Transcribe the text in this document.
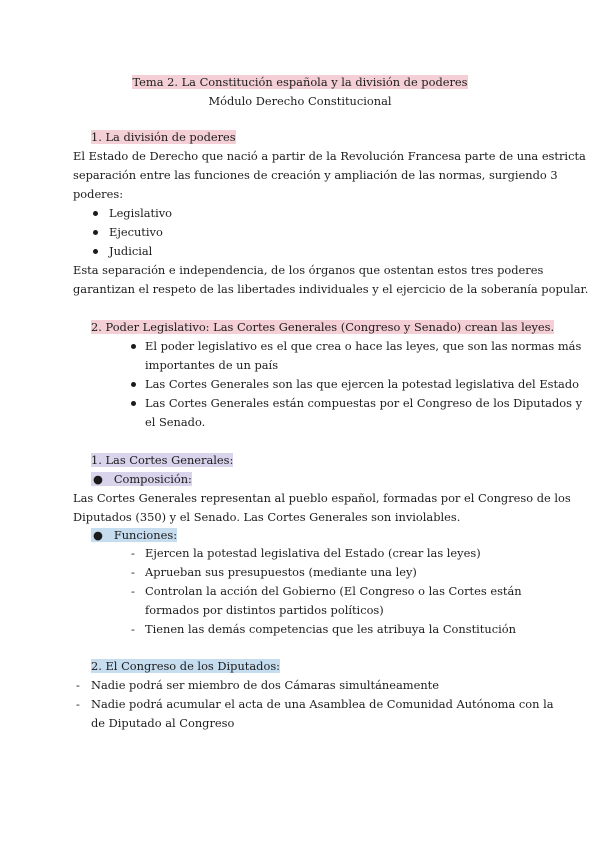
Tema 2. La Constitución española y la división de poderes
Módulo Derecho Constitucional
1. La división de poderes
El Estado de Derecho que nació a partir de la Revolución Francesa parte de una estricta
separación entre las funciones de creación y ampliación de las normas, surgiendo 3
poderes:
Legislativo
Ejecutivo
Judicial
Esta separación e independencia, de los órganos que ostentan estos tres poderes
garantizan el respeto de las libertades individuales y el ejercicio de la soberanía popular.
2. Poder Legislativo: Las Cortes Generales (Congreso y Senado) crean las leyes.
El poder legislativo es el que crea o hace las leyes, que son las normas más
importantes de un país
Las Cortes Generales son las que ejercen la potestad legislativa del Estado
Las Cortes Generales están compuestas por el Congreso de los Diputados y
el Senado.
1. Las Cortes Generales:
●   Composición:
Las Cortes Generales representan al pueblo español, formadas por el Congreso de los
Diputados (350) y el Senado. Las Cortes Generales son inviolables.
●   Funciones:
- Ejercen la potestad legislativa del Estado (crear las leyes)
- Aprueban sus presupuestos (mediante una ley)
- Controlan la acción del Gobierno (El Congreso o las Cortes están
formados por distintos partidos políticos)
- Tienen las demás competencias que les atribuya la Constitución
2. El Congreso de los Diputados:
- Nadie podrá ser miembro de dos Cámaras simultáneamente
- Nadie podrá acumular el acta de una Asamblea de Comunidad Autónoma con la
de Diputado al Congreso
